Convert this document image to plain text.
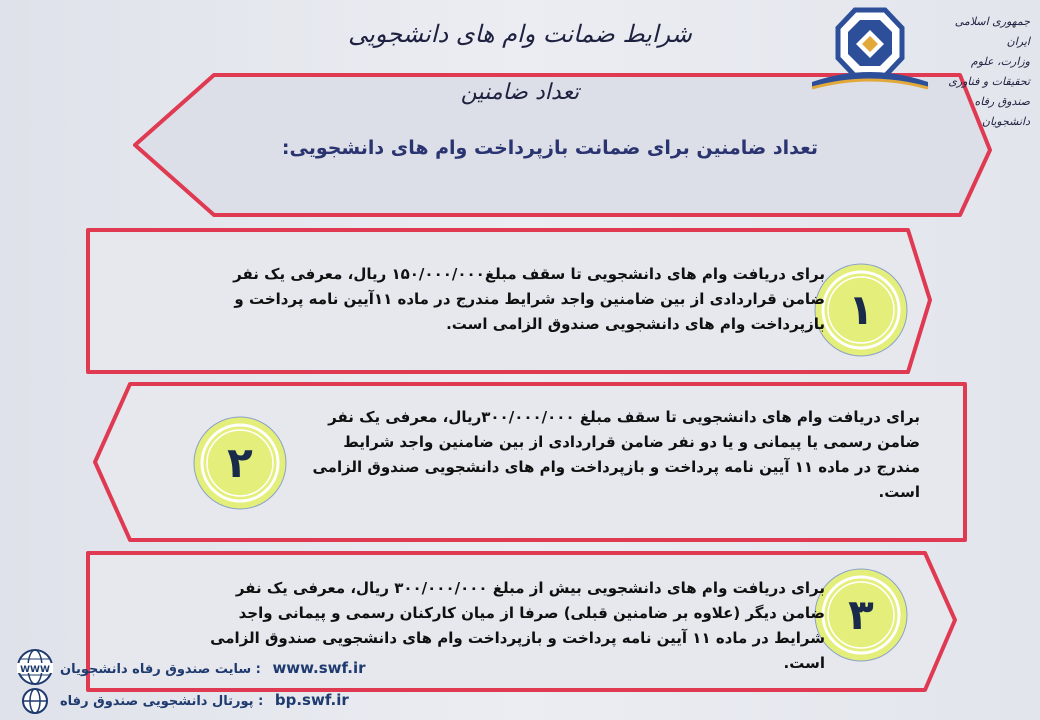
WWW
شرایط ضمانت وام های دانشجویی
تعداد ضامنین
جمهوری اسلامی ایران
وزارت، علوم تحقیقات و فناوری
صندوق رفاه دانشجویان
تعداد ضامنین برای ضمانت بازپرداخت وام های دانشجویی:
۱
برای دریافت وام های دانشجویی تا سقف مبلغ۱۵۰/۰۰۰/۰۰۰ ریال، معرفی یک نفر ضامن قراردادی از بین ضامنین واجد شرایط مندرج در ماده ۱۱آیین نامه پرداخت و بازپرداخت وام های دانشجویی صندوق الزامی است.
۲
برای دریافت وام های دانشجویی تا سقف مبلغ ۳۰۰/۰۰۰/۰۰۰ریال، معرفی یک نفر ضامن رسمی یا پیمانی و یا دو نفر ضامن قراردادی از بین ضامنین واجد شرایط مندرج در ماده ۱۱ آیین نامه پرداخت و بازپرداخت وام های دانشجویی صندوق الزامی است.
۳
برای دریافت وام های دانشجویی بیش از مبلغ ۳۰۰/۰۰۰/۰۰۰ ریال، معرفی یک نفر ضامن دیگر (علاوه بر ضامنین قبلی) صرفا از میان کارکنان رسمی و پیمانی واجد شرایط در ماده ۱۱ آیین نامه پرداخت و بازپرداخت وام های دانشجویی صندوق الزامی است.
: سایت صندوق رفاه دانشجویان www.swf.ir
: پورتال دانشجویی صندوق رفاه bp.swf.ir
